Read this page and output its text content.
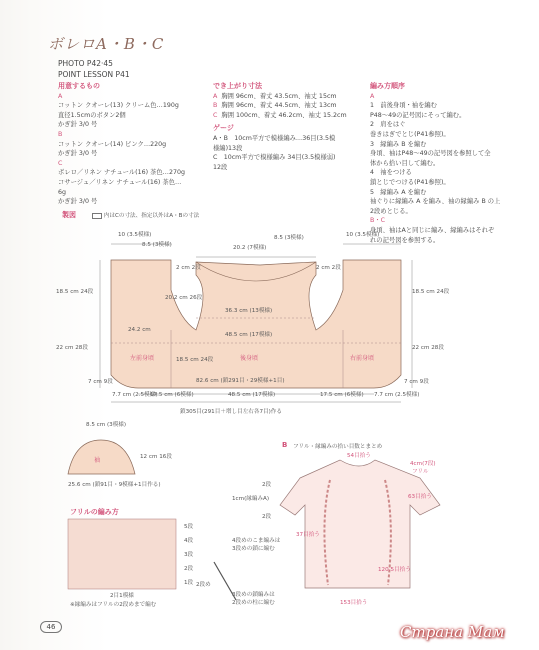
ボレロA・B・C
PHOTO P42·45
POINT LESSON P41
用意するもの
A
コットン クオーレ(13) クリーム色…190g
直径1.5cmのボタン2個
かぎ針 3/0 号
B
コットン クオーレ(14) ピンク…220g
かぎ針 3/0 号
C
ボレロ／リネン ナチュール(16) 茶色…270g
コサージュ／リネン ナチュール(16) 茶色…
6g
かぎ針 3/0 号
でき上がり寸法
A 胸囲 96cm、着丈 43.5cm、袖丈 15cm
B 胸囲 96cm、着丈 44.5cm、袖丈 13cm
C 胸囲 100cm、着丈 46.2cm、袖丈 15.2cm
ゲージ
A・B　10cm平方で模様編み…36目(3.5模
様編)13段
C　10cm平方で模様編み 34目(3.5模様弱)
12段
編み方順序
A
1　前後身頃・袖を編む
P48～49の記号図にそって編む。
2　肩をはぐ
巻きはぎでとじ(P41参照)。
3　縁編み B を編む
身頃、袖はP48～49の記号図を参照して全
体から拾い目して編む。
4　袖をつける
鎖とじでつける(P41参照)。
5　縁編み A を編む
袖ぐりに縁編み A を編み、袖の縁編み B の上
2段めとじる。
B・C
身頃、袖はAと同じに編み、縁編みはそれぞ
れの記号図を参照する。
製図	内はCの寸法、指定以外はA・Bの寸法
10 (3.5模様)
8.5 (3模様)	20.2 (7模様)
8.5 (3模様)	10 (3.5模様)
18.5 cm 24段
2 cm 2段
22 cm 28段
18.5 cm 24段
2 cm 2段
22 cm 28段
20.2 cm 26段
36.3 cm (13模様)
48.5 cm (17模様)
24.2 cm
18.5 cm 24段
左前身頃	後身頃	右前身頃
82.6 cm (鎖291目・29模様+1目)
7.7 cm (2.5模様)
17.5 cm (6模様)	48.5 cm (17模様)	17.5 cm (6模様) 7.7 cm (2.5模様)
7 cm 9段	7 cm 9段
鎖305目(291目＋増し目左右各7目)作る
8.5 cm (3模様)
袖	12 cm 16段
25.6 cm (鎖91目・9模様+1目作る)
フリルの編み方
5段
4段
3段
2段
1段
2目1模様
※縁編みはフリルの2段めまで編む
4段めのこま編みは
3段めの鎖に編む
3段めの鎖編みは
2段めの柱に編む
2段め
B フリル・縁編みの拾い目数とまとめ
54目拾う
4cm(7段)
フリル
63目拾う
37目拾う
120.5目拾う
153目拾う
2段
1cm(縁編みA)
2段
46	Страна Мам
